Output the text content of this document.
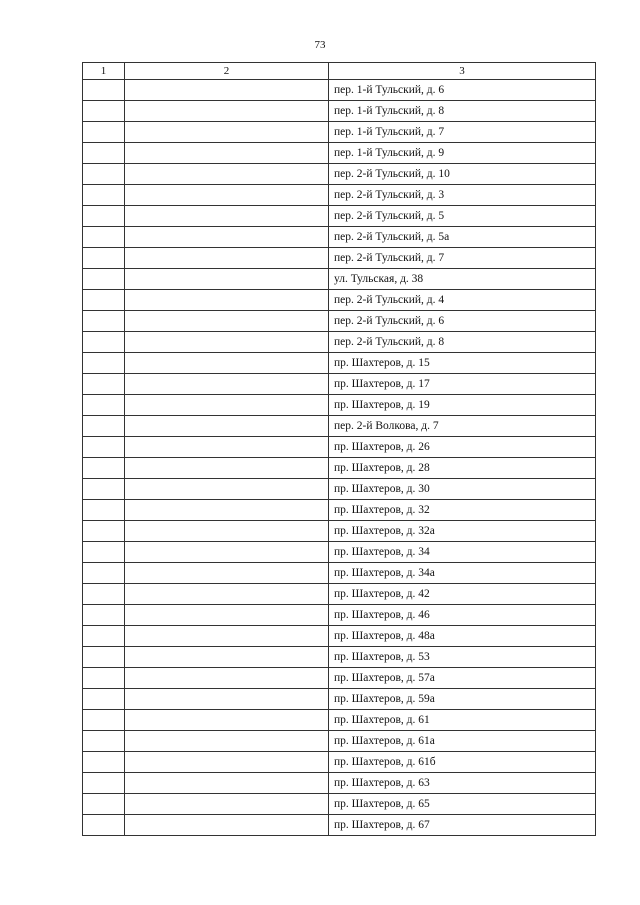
73
1	2	3
		пер. 1-й Тульский, д. 6
		пер. 1-й Тульский, д. 8
		пер. 1-й Тульский, д. 7
		пер. 1-й Тульский, д. 9
		пер. 2-й Тульский, д. 10
		пер. 2-й Тульский, д. 3
		пер. 2-й Тульский, д. 5
		пер. 2-й Тульский, д. 5а
		пер. 2-й Тульский, д. 7
		ул. Тульская, д. 38
		пер. 2-й Тульский, д. 4
		пер. 2-й Тульский, д. 6
		пер. 2-й Тульский, д. 8
		пр. Шахтеров, д. 15
		пр. Шахтеров, д. 17
		пр. Шахтеров, д. 19
		пер. 2-й Волкова, д. 7
		пр. Шахтеров, д. 26
		пр. Шахтеров, д. 28
		пр. Шахтеров, д. 30
		пр. Шахтеров, д. 32
		пр. Шахтеров, д. 32а
		пр. Шахтеров, д. 34
		пр. Шахтеров, д. 34а
		пр. Шахтеров, д. 42
		пр. Шахтеров, д. 46
		пр. Шахтеров, д. 48а
		пр. Шахтеров, д. 53
		пр. Шахтеров, д. 57а
		пр. Шахтеров, д. 59а
		пр. Шахтеров, д. 61
		пр. Шахтеров, д. 61а
		пр. Шахтеров, д. 61б
		пр. Шахтеров, д. 63
		пр. Шахтеров, д. 65
		пр. Шахтеров, д. 67
